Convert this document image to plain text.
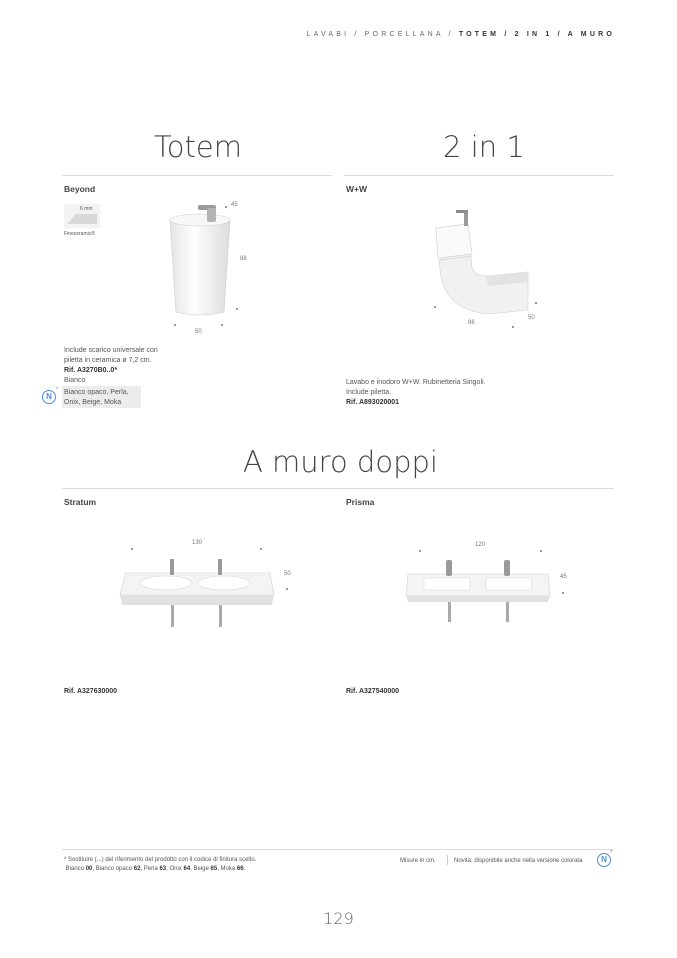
LAVABI / PORCELLANA / TOTEM / 2 IN 1 / A MURO
Totem	2 in 1
Beyond
6 mm
Fineceramic®
45
88
50
Include scarico universale con
piletta in ceramica ø 7,2 cm.
Rif. A3270B0..0*
Bianco
Bianco opaco, Perla,
Onix, Beige, Moka
N
*
W+W
86
50
Lavabo e inodoro W+W. Rubinetteria Singoli.
Include piletta.
Rif. A893020001
A muro doppi
Stratum
130
50
Rif. A327630000
Prisma
120
45
Rif. A327540000
* Sostituire (...) del riferimento del prodotto con il codice di finitura scelto.
Bianco 00, Bianco opaco 62, Perla 63, Onix 64, Beige 65, Moka 66.
Misure in cm.	Novità: disponibile anche nella versione colorata	N
*
129
